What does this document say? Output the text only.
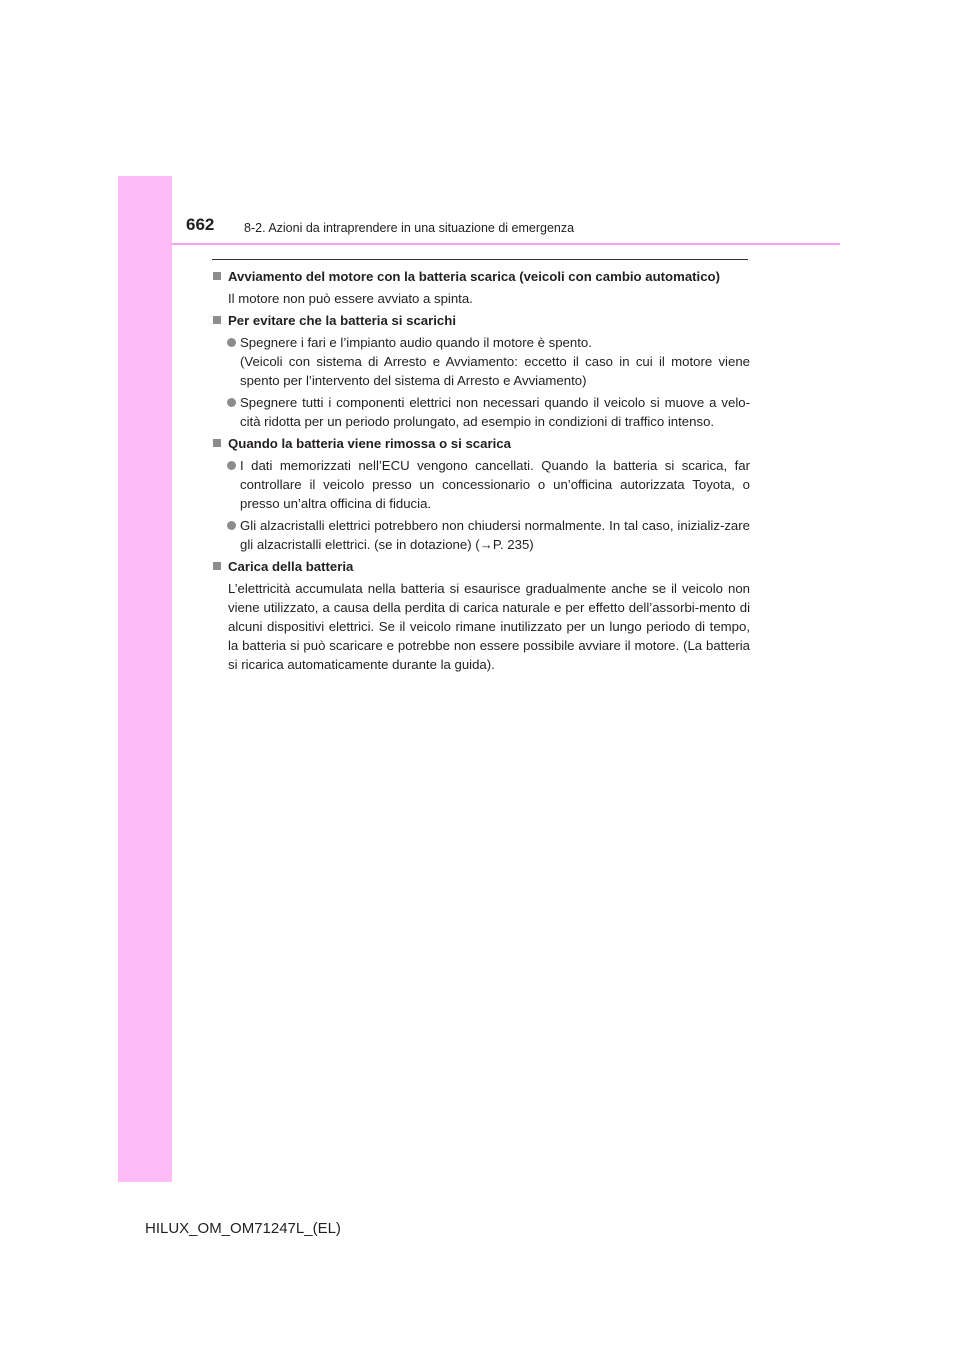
662 8-2. Azioni da intraprendere in una situazione di emergenza
Avviamento del motore con la batteria scarica (veicoli con cambio automatico)
Il motore non può essere avviato a spinta.
Per evitare che la batteria si scarichi

Spegnere i fari e l’impianto audio quando il motore è spento.

(Veicoli con sistema di Arresto e Avviamento: eccetto il caso in cui il motore viene spento per l’intervento del sistema di Arresto e Avviamento)

Spegnere tutti i componenti elettrici non necessari quando il veicolo si muove a velo-cità ridotta per un periodo prolungato, ad esempio in condizioni di traffico intenso.

Quando la batteria viene rimossa o si scarica

I dati memorizzati nell’ECU vengono cancellati. Quando la batteria si scarica, far controllare il veicolo presso un concessionario o un’officina autorizzata Toyota, o presso un’altra officina di fiducia.

Gli alzacristalli elettrici potrebbero non chiudersi normalmente. In tal caso, inizializ-zare gli alzacristalli elettrici. (se in dotazione) (→P. 235)

Carica della batteria
L’elettricità accumulata nella batteria si esaurisce gradualmente anche se il veicolo non viene utilizzato, a causa della perdita di carica naturale e per effetto dell’assorbi-mento di alcuni dispositivi elettrici. Se il veicolo rimane inutilizzato per un lungo periodo di tempo, la batteria si può scaricare e potrebbe non essere possibile avviare il motore. (La batteria si ricarica automaticamente durante la guida).
HILUX_OM_OM71247L_(EL)
